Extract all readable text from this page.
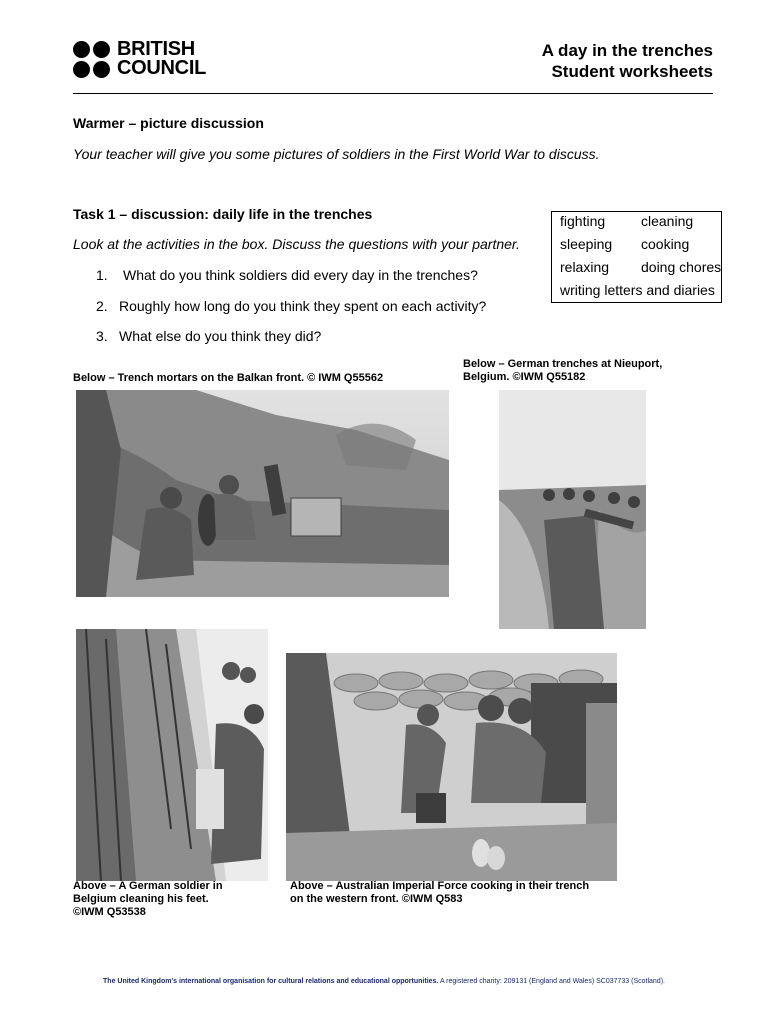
BRITISH
COUNCIL
A day in the trenches
Student worksheets
Warmer – picture discussion
Your teacher will give you some pictures of soldiers in the First World War to discuss.
Task 1 – discussion: daily life in the trenches
Look at the activities in the box. Discuss the questions with your partner.
1. What do you think soldiers did every day in the trenches?
2. Roughly how long do you think they spent on each activity?
3. What else do you think they did?
fighting	cleaning
sleeping cooking
relaxing doing chores
writing letters and diaries
Below – Trench mortars on the Balkan front. © IWM Q55562
Below – German trenches at Nieuport,
Belgium. ©IWM Q55182
Above – A German soldier in
Belgium cleaning his feet.
©IWM Q53538
Above – Australian Imperial Force cooking in their trench
on the western front. ©IWM Q583
The United Kingdom's international organisation for cultural relations and educational opportunities. A registered charity: 209131 (England and Wales) SC037733 (Scotland).
